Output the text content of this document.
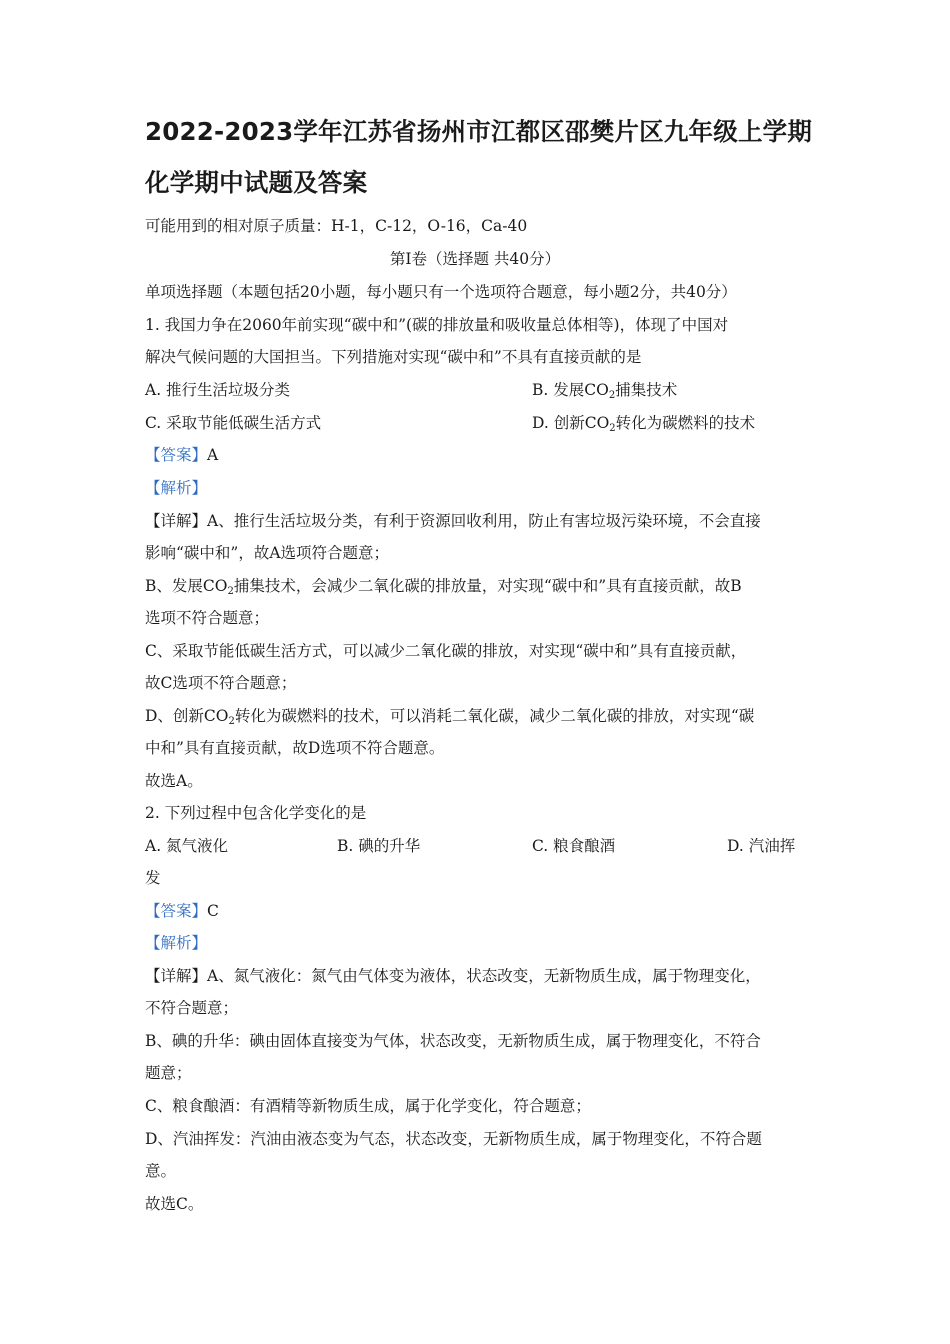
2022-2023学年江苏省扬州市江都区邵樊片区九年级上学期
化学期中试题及答案
可能用到的相对原子质量：H-1，C-12，O-16，Ca-40
第Ⅰ卷（选择题 共40分）
单项选择题（本题包括20小题，每小题只有一个选项符合题意，每小题2分，共40分）
1. 我国力争在2060年前实现“碳中和”(碳的排放量和吸收量总体相等)，体现了中国对
解决气候问题的大国担当。下列措施对实现“碳中和”不具有直接贡献的是
A. 推行生活垃圾分类	B. 发展$CO_2$捕集技术
C. 采取节能低碳生活方式	D. 创新$CO_2$转化为碳燃料的技术
【答案】A
【解析】
【详解】A、推行生活垃圾分类，有利于资源回收利用，防止有害垃圾污染环境，不会直接
影响“碳中和”，故A选项符合题意；
B、发展$CO_2$捕集技术，会减少二氧化碳的排放量，对实现“碳中和”具有直接贡献，故B
选项不符合题意；
C、采取节能低碳生活方式，可以减少二氧化碳的排放，对实现“碳中和”具有直接贡献，
故C选项不符合题意；
D、创新$CO_2$转化为碳燃料的技术，可以消耗二氧化碳，减少二氧化碳的排放，对实现“碳
中和”具有直接贡献，故D选项不符合题意。
故选A。
2. 下列过程中包含化学变化的是
A. 氮气液化	B. 碘的升华	C. 粮食酿酒	D. 汽油挥
发
【答案】C
【解析】
【详解】A、氮气液化：氮气由气体变为液体，状态改变，无新物质生成，属于物理变化，
不符合题意；
B、碘的升华：碘由固体直接变为气体，状态改变，无新物质生成，属于物理变化，不符合
题意；
C、粮食酿酒：有酒精等新物质生成，属于化学变化，符合题意；
D、汽油挥发：汽油由液态变为气态，状态改变，无新物质生成，属于物理变化，不符合题
意。
故选C。
